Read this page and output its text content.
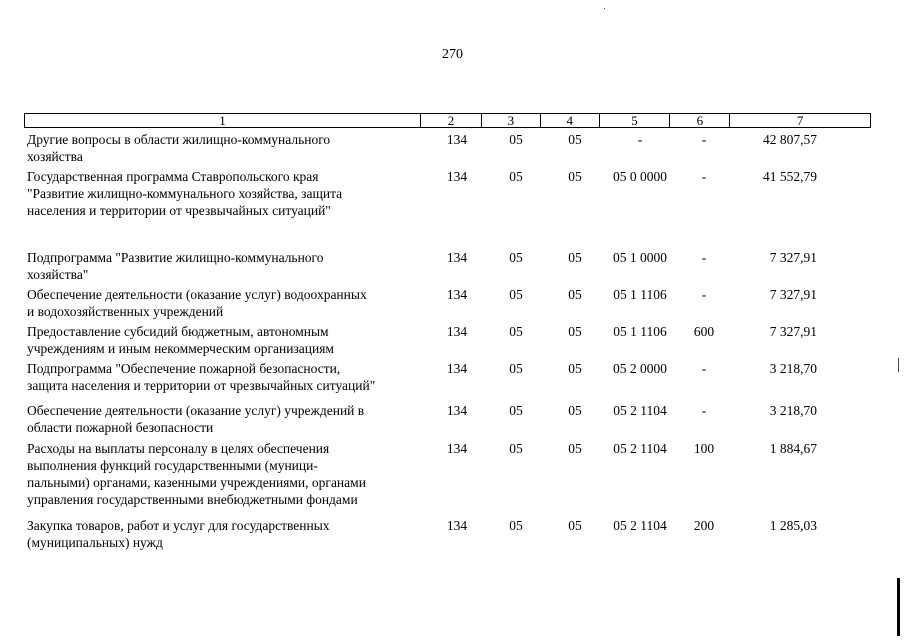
270
1	2	3	4	5	6	7
Другие вопросы в области жилищно-коммунального
хозяйства
134	05	05	-	-	42 807,57
Государственная программа Ставропольского края
"Развитие жилищно-коммунального хозяйства, защита
населения и территории от чрезвычайных ситуаций"
134	05	05	05 0 0000	-	41 552,79
Подпрограмма "Развитие жилищно-коммунального
хозяйства"
134	05	05	05 1 0000	-	7 327,91
Обеспечение деятельности (оказание услуг) водоохранных
и водохозяйственных учреждений
134	05	05	05 1 1106	-	7 327,91
Предоставление субсидий бюджетным, автономным
учреждениям и иным некоммерческим организациям
134	05	05	05 1 1106	600	7 327,91
Подпрограмма "Обеспечение пожарной безопасности,
защита населения и территории от чрезвычайных ситуаций"
134	05	05	05 2 0000	-	3 218,70
Обеспечение деятельности (оказание услуг) учреждений в
области пожарной безопасности
134	05	05	05 2 1104	-	3 218,70
Расходы на выплаты персоналу в целях обеспечения
выполнения функций государственными (муници-
пальными) органами, казенными учреждениями, органами
управления государственными внебюджетными фондами
134	05	05	05 2 1104	100	1 884,67
Закупка товаров, работ и услуг для государственных
(муниципальных) нужд
134	05	05	05 2 1104	200	1 285,03
